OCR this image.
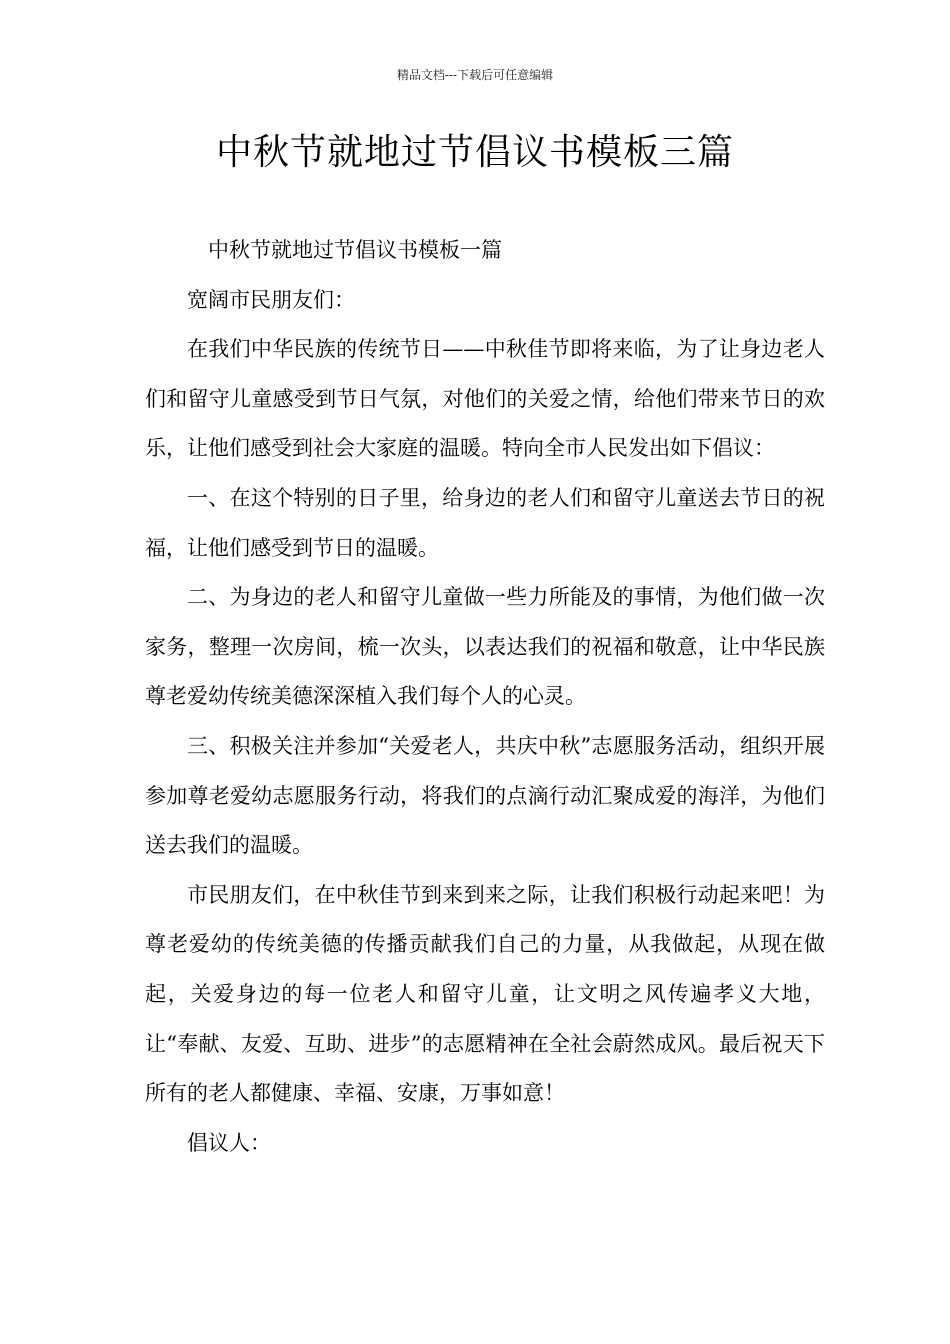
精品文档---下载后可任意编辑
中秋节就地过节倡议书模板三篇

中秋节就地过节倡议书模板一篇

宽阔市民朋友们：

在我们中华民族的传统节日——中秋佳节即将来临，为了让身边老人们和留守儿童感受到节日气氛，对他们的关爱之情，给他们带来节日的欢乐，让他们感受到社会大家庭的温暖。特向全市人民发出如下倡议：

一、在这个特别的日子里，给身边的老人们和留守儿童送去节日的祝福，让他们感受到节日的温暖。

二、为身边的老人和留守儿童做一些力所能及的事情，为他们做一次家务，整理一次房间，梳一次头，以表达我们的祝福和敬意，让中华民族尊老爱幼传统美德深深植入我们每个人的心灵。

三、积极关注并参加“关爱老人，共庆中秋”志愿服务活动，组织开展参加尊老爱幼志愿服务行动，将我们的点滴行动汇聚成爱的海洋，为他们送去我们的温暖。

市民朋友们，在中秋佳节到来到来之际，让我们积极行动起来吧！为尊老爱幼的传统美德的传播贡献我们自己的力量，从我做起，从现在做起，关爱身边的每一位老人和留守儿童，让文明之风传遍孝义大地，让“奉献、友爱、互助、进步”的志愿精神在全社会蔚然成风。最后祝天下所有的老人都健康、幸福、安康，万事如意！

倡议人：
